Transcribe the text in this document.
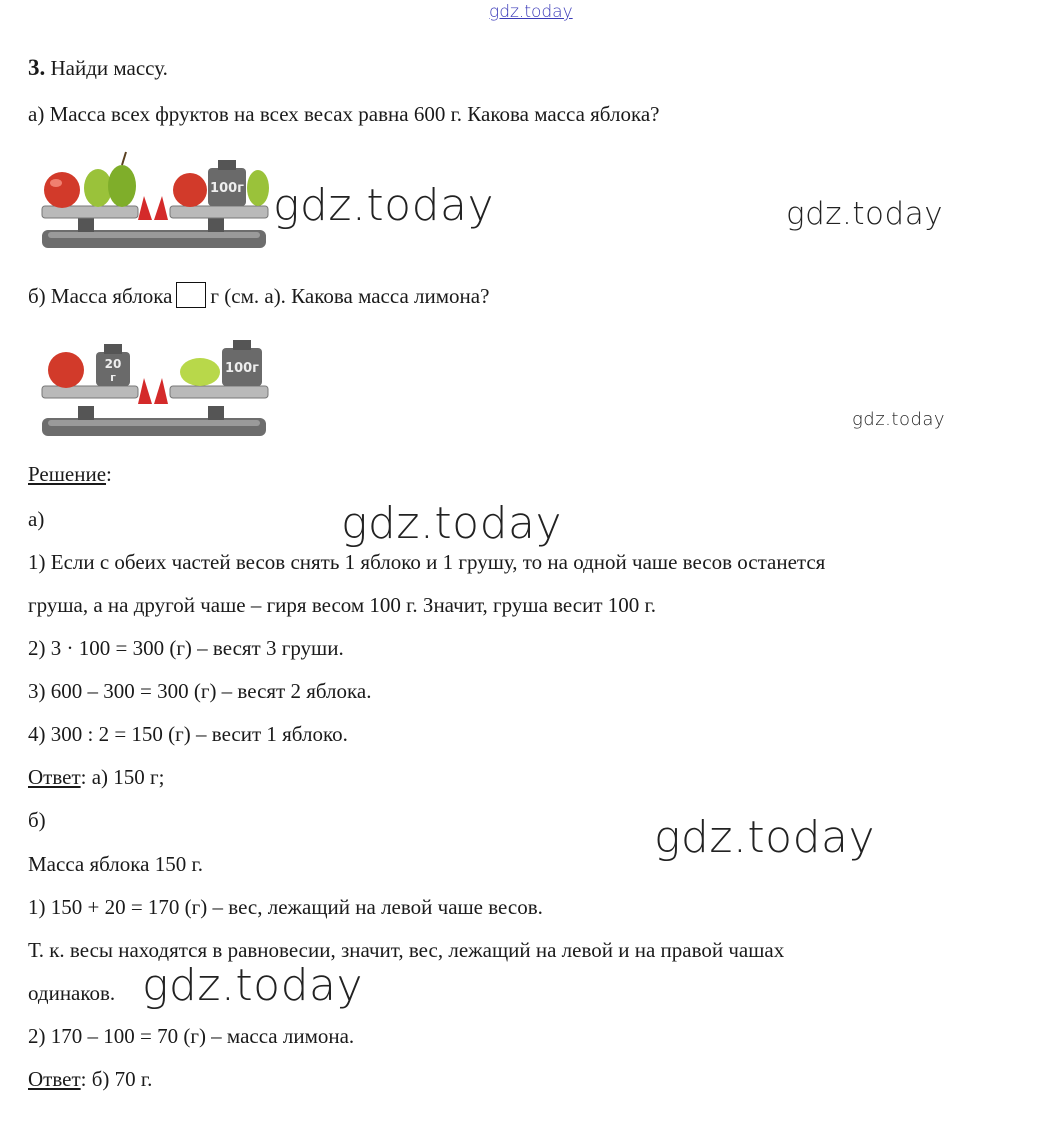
gdz.today
3. Найди массу.
а) Масса всех фруктов на всех весах равна 600 г. Какова масса яблока?
100г gdz.today	gdz.today
б) Масса яблока г (см. а). Какова масса лимона?
20
г
100г
gdz.today
Решение:
а)	gdz.today
1) Если с обеих частей весов снять 1 яблоко и 1 грушу, то на одной чаше весов останется
груша, а на другой чаше – гиря весом 100 г. Значит, груша весит 100 г.
2) 3 · 100 = 300 (г) – весят 3 груши.
3) 600 – 300 = 300 (г) – весят 2 яблока.
4) 300 : 2 = 150 (г) – весит 1 яблоко.
Ответ: а) 150 г;
б)	gdz.today
Масса яблока 150 г.
1) 150 + 20 = 170 (г) – вес, лежащий на левой чаше весов.
Т. к. весы находятся в равновесии, значит, вес, лежащий на левой и на правой чашах
одинаков. gdz.today
2) 170 – 100 = 70 (г) – масса лимона.
Ответ: б) 70 г.
